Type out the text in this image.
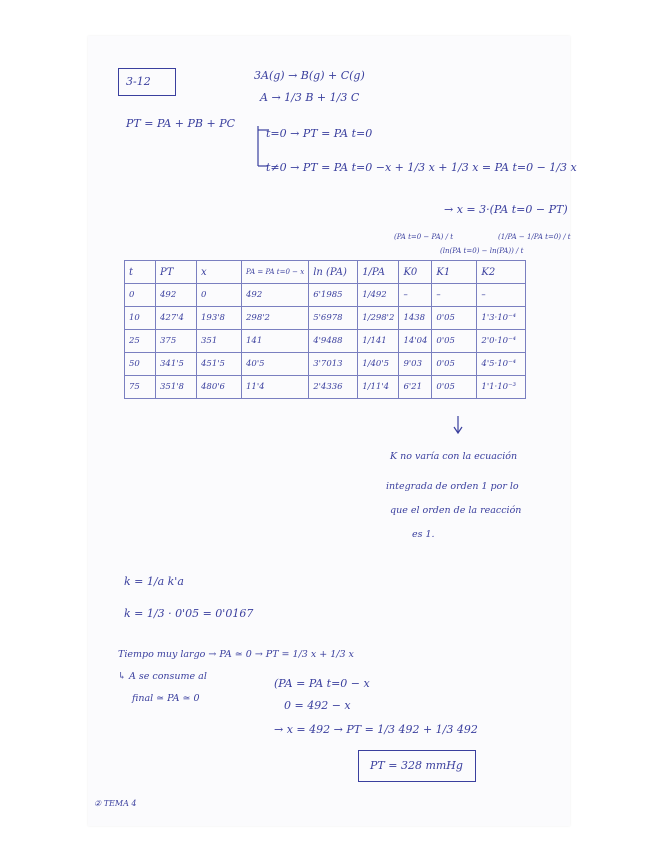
3-12	3A(g) → B(g) + C(g)
A → 1/3 B + 1/3 C
PT = PA + PB + PC
t=0 → PT = PA t=0
t≠0 → PT = PA t=0 −x + 1/3 x + 1/3 x = PA t=0 − 1/3 x
→ x = 3·(PA t=0 − PT)
(PA t=0 − PA) / t
(ln(PA t=0) − ln(PA)) / t
(1/PA − 1/PA t=0) / t
t	PT	x	PA = PA t=0 − x	ln (PA)	1/PA	K0	K1	K2
0	492	0	492	6'1985	1/492	–	–	–
10	427'4	193'8	298'2	5'6978	1/298'2	1438	0'05	1'3·10⁻⁴
25	375	351	141	4'9488	1/141	14'04	0'05	2'0·10⁻⁴
50	341'5	451'5	40'5	3'7013	1/40'5	9'03	0'05	4'5·10⁻⁴
75	351'8	480'6	11'4	2'4336	1/11'4	6'21	0'05	1'1·10⁻³
K no varía con la ecuación
integrada de orden 1 por lo
que el orden de la reacción
es 1.
k = 1/a k'a
k = 1/3 · 0'05 = 0'0167
Tiempo muy largo → PA ≃ 0 → PT = 1/3 x + 1/3 x
↳ A se consume al
final ≃ PA ≃ 0
(PA = PA t=0 − x
0 = 492 − x
→ x = 492 → PT = 1/3 492 + 1/3 492
PT = 328 mmHg
② TEMA 4
